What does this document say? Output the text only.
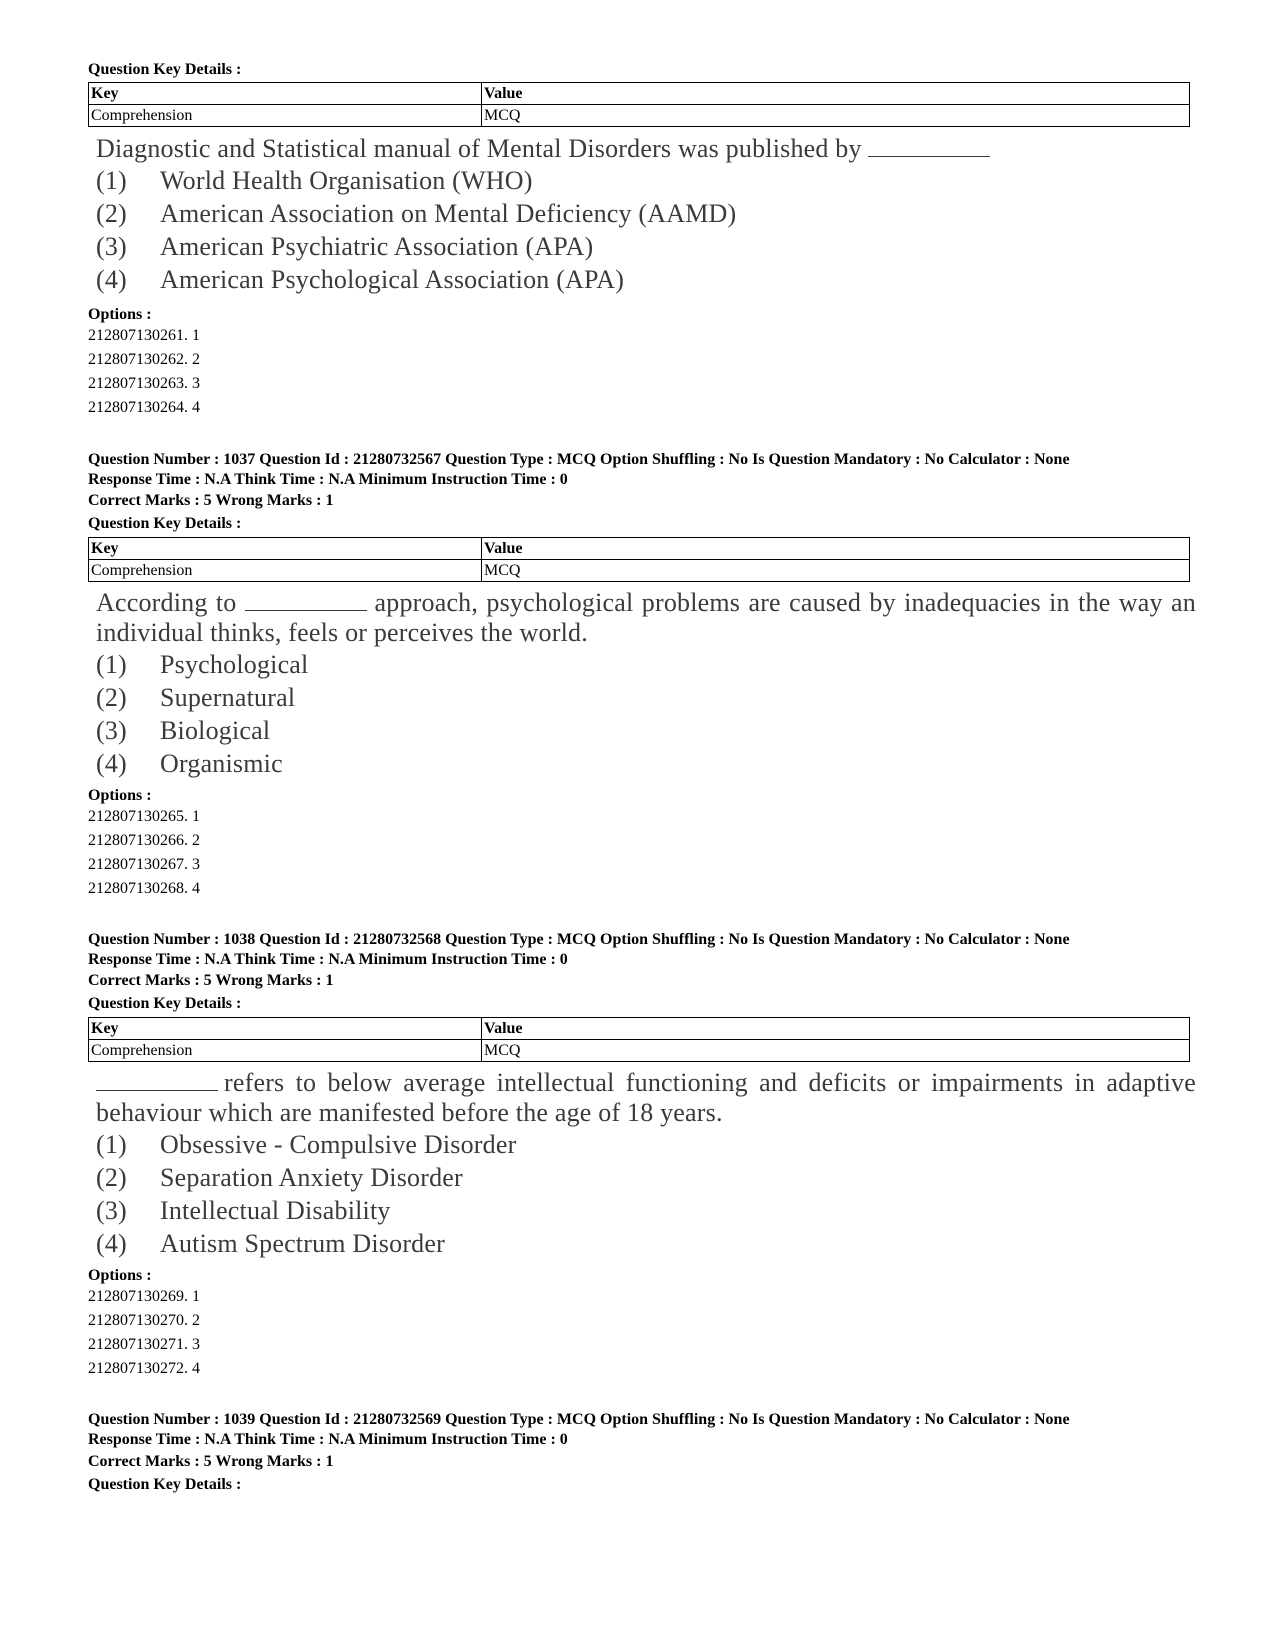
Question Key Details :
Key	Value
Comprehension	MCQ
Diagnostic and Statistical manual of Mental Disorders was published by
(1) World Health Organisation (WHO)
(2) American Association on Mental Deficiency (AAMD)
(3) American Psychiatric Association (APA)
(4) American Psychological Association (APA)
Options :
212807130261. 1
212807130262. 2
212807130263. 3
212807130264. 4
Question Number : 1037 Question Id : 21280732567 Question Type : MCQ Option Shuffling : No Is Question Mandatory : No Calculator : None
Response Time : N.A Think Time : N.A Minimum Instruction Time : 0
Correct Marks : 5 Wrong Marks : 1
Question Key Details :
Key	Value
Comprehension	MCQ
According to	approach, psychological problems are caused by inadequacies in the way an individual thinks, feels or perceives the world.
(1) Psychological
(2) Supernatural
(3) Biological
(4) Organismic
Options :
212807130265. 1
212807130266. 2
212807130267. 3
212807130268. 4
Question Number : 1038 Question Id : 21280732568 Question Type : MCQ Option Shuffling : No Is Question Mandatory : No Calculator : None
Response Time : N.A Think Time : N.A Minimum Instruction Time : 0
Correct Marks : 5 Wrong Marks : 1
Question Key Details :
Key	Value
Comprehension	MCQ
refers to below average intellectual functioning and deficits or impairments in adaptive behaviour which are manifested before the age of 18 years.
(1) Obsessive - Compulsive Disorder
(2) Separation Anxiety Disorder
(3) Intellectual Disability
(4) Autism Spectrum Disorder
Options :
212807130269. 1
212807130270. 2
212807130271. 3
212807130272. 4
Question Number : 1039 Question Id : 21280732569 Question Type : MCQ Option Shuffling : No Is Question Mandatory : No Calculator : None
Response Time : N.A Think Time : N.A Minimum Instruction Time : 0
Correct Marks : 5 Wrong Marks : 1
Question Key Details :
